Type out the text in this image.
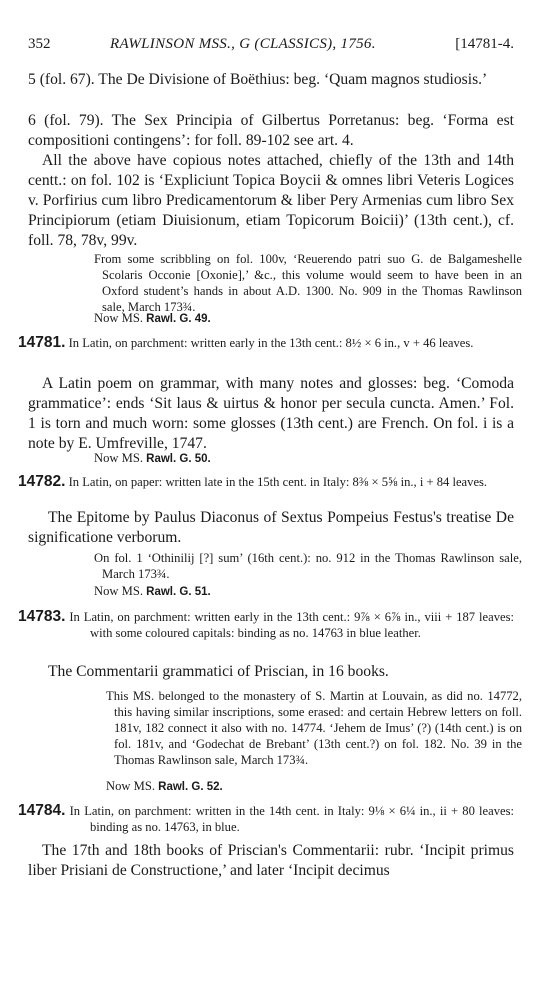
352	RAWLINSON MSS., G (CLASSICS), 1756.	[14781-4.
5 (fol. 67). The De Divisione of Boëthius: beg. ‘Quam magnos studiosis.’
6 (fol. 79). The Sex Principia of Gilbertus Porretanus: beg. ‘Forma est compositioni contingens’: for foll. 89-102 see art. 4.
All the above have copious notes attached, chiefly of the 13th and 14th centt.: on fol. 102 is ‘Expliciunt Topica Boycii & omnes libri Veteris Logices v. Porfirius cum libro Predicamentorum & liber Pery Armenias cum libro Sex Principiorum (etiam Diuisionum, etiam Topicorum Boicii)’ (13th cent.), cf. foll. 78, 78v, 99v.
From some scribbling on fol. 100v, ‘Reuerendo patri suo G. de Balgameshelle Scolaris Occonie [Oxonie],’ &c., this volume would seem to have been in an Oxford student’s hands in about A.D. 1300. No. 909 in the Thomas Rawlinson sale, March 173¾.
Now MS. Rawl. G. 49.
14781. In Latin, on parchment: written early in the 13th cent.: 8½ × 6 in., v + 46 leaves.
A Latin poem on grammar, with many notes and glosses: beg. ‘Comoda grammatice’: ends ‘Sit laus & uirtus & honor per secula cuncta. Amen.’ Fol. 1 is torn and much worn: some glosses (13th cent.) are French. On fol. i is a note by E. Umfreville, 1747.
Now MS. Rawl. G. 50.
14782. In Latin, on paper: written late in the 15th cent. in Italy: 8⅜ × 5⅝ in., i + 84 leaves.
The Epitome by Paulus Diaconus of Sextus Pompeius Festus's treatise De significatione verborum.
On fol. 1 ‘Othinilij [?] sum’ (16th cent.): no. 912 in the Thomas Rawlinson sale, March 173¾.
Now MS. Rawl. G. 51.
14783. In Latin, on parchment: written early in the 13th cent.: 9⅞ × 6⅞ in., viii + 187 leaves: with some coloured capitals: binding as no. 14763 in blue leather.
The Commentarii grammatici of Priscian, in 16 books.
This MS. belonged to the monastery of S. Martin at Louvain, as did no. 14772, this having similar inscriptions, some erased: and certain Hebrew letters on foll. 181v, 182 connect it also with no. 14774. ‘Jehem de Imus’ (?) (14th cent.) is on fol. 181v, and ‘Godechat de Brebant’ (13th cent.?) on fol. 182. No. 39 in the Thomas Rawlinson sale, March 173¾.
Now MS. Rawl. G. 52.
14784. In Latin, on parchment: written in the 14th cent. in Italy: 9⅛ × 6¼ in., ii + 80 leaves: binding as no. 14763, in blue.
The 17th and 18th books of Priscian's Commentarii: rubr. ‘Incipit primus liber Prisiani de Constructione,’ and later ‘Incipit decimus
